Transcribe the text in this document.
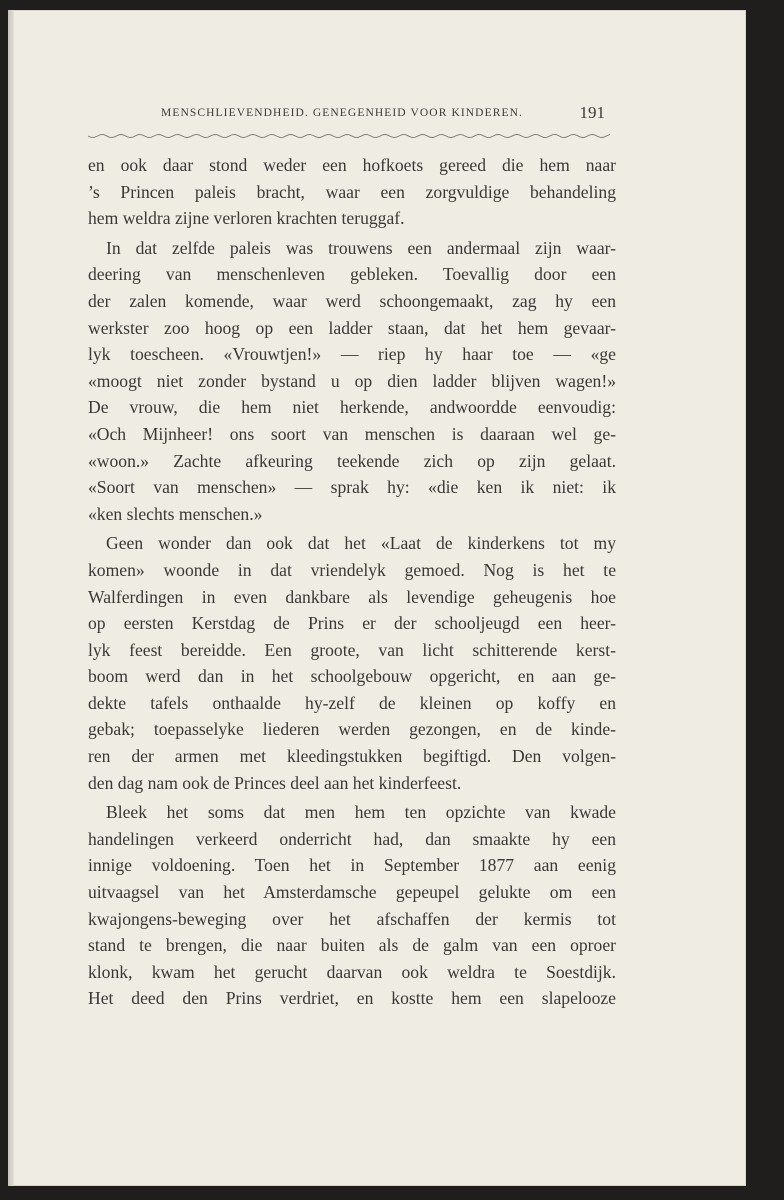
MENSCHLIEVENDHEID. GENEGENHEID VOOR KINDEREN.	191
en ook daar stond weder een hofkoets gereed die hem naar
’s Princen paleis bracht, waar een zorgvuldige behandeling
hem weldra zijne verloren krachten teruggaf.
In dat zelfde paleis was trouwens een andermaal zijn waar-
deering van menschenleven gebleken. Toevallig door een
der zalen komende, waar werd schoongemaakt, zag hy een
werkster zoo hoog op een ladder staan, dat het hem gevaar-
lyk toescheen. «Vrouwtjen!» — riep hy haar toe — «ge
«moogt niet zonder bystand u op dien ladder blijven wagen!»
De vrouw, die hem niet herkende, andwoordde eenvoudig:
«Och Mijnheer! ons soort van menschen is daaraan wel ge-
«woon.» Zachte afkeuring teekende zich op zijn gelaat.
«Soort van menschen» — sprak hy: «die ken ik niet: ik
«ken slechts menschen.»
Geen wonder dan ook dat het «Laat de kinderkens tot my
komen» woonde in dat vriendelyk gemoed. Nog is het te
Walferdingen in even dankbare als levendige geheugenis hoe
op eersten Kerstdag de Prins er der schooljeugd een heer-
lyk feest bereidde. Een groote, van licht schitterende kerst-
boom werd dan in het schoolgebouw opgericht, en aan ge-
dekte tafels onthaalde hy-zelf de kleinen op koffy en
gebak; toepasselyke liederen werden gezongen, en de kinde-
ren der armen met kleedingstukken begiftigd. Den volgen-
den dag nam ook de Princes deel aan het kinderfeest.
Bleek het soms dat men hem ten opzichte van kwade
handelingen verkeerd onderricht had, dan smaakte hy een
innige voldoening. Toen het in September 1877 aan eenig
uitvaagsel van het Amsterdamsche gepeupel gelukte om een
kwajongens-beweging over het afschaffen der kermis tot
stand te brengen, die naar buiten als de galm van een oproer
klonk, kwam het gerucht daarvan ook weldra te Soestdijk.
Het deed den Prins verdriet, en kostte hem een slapelooze
